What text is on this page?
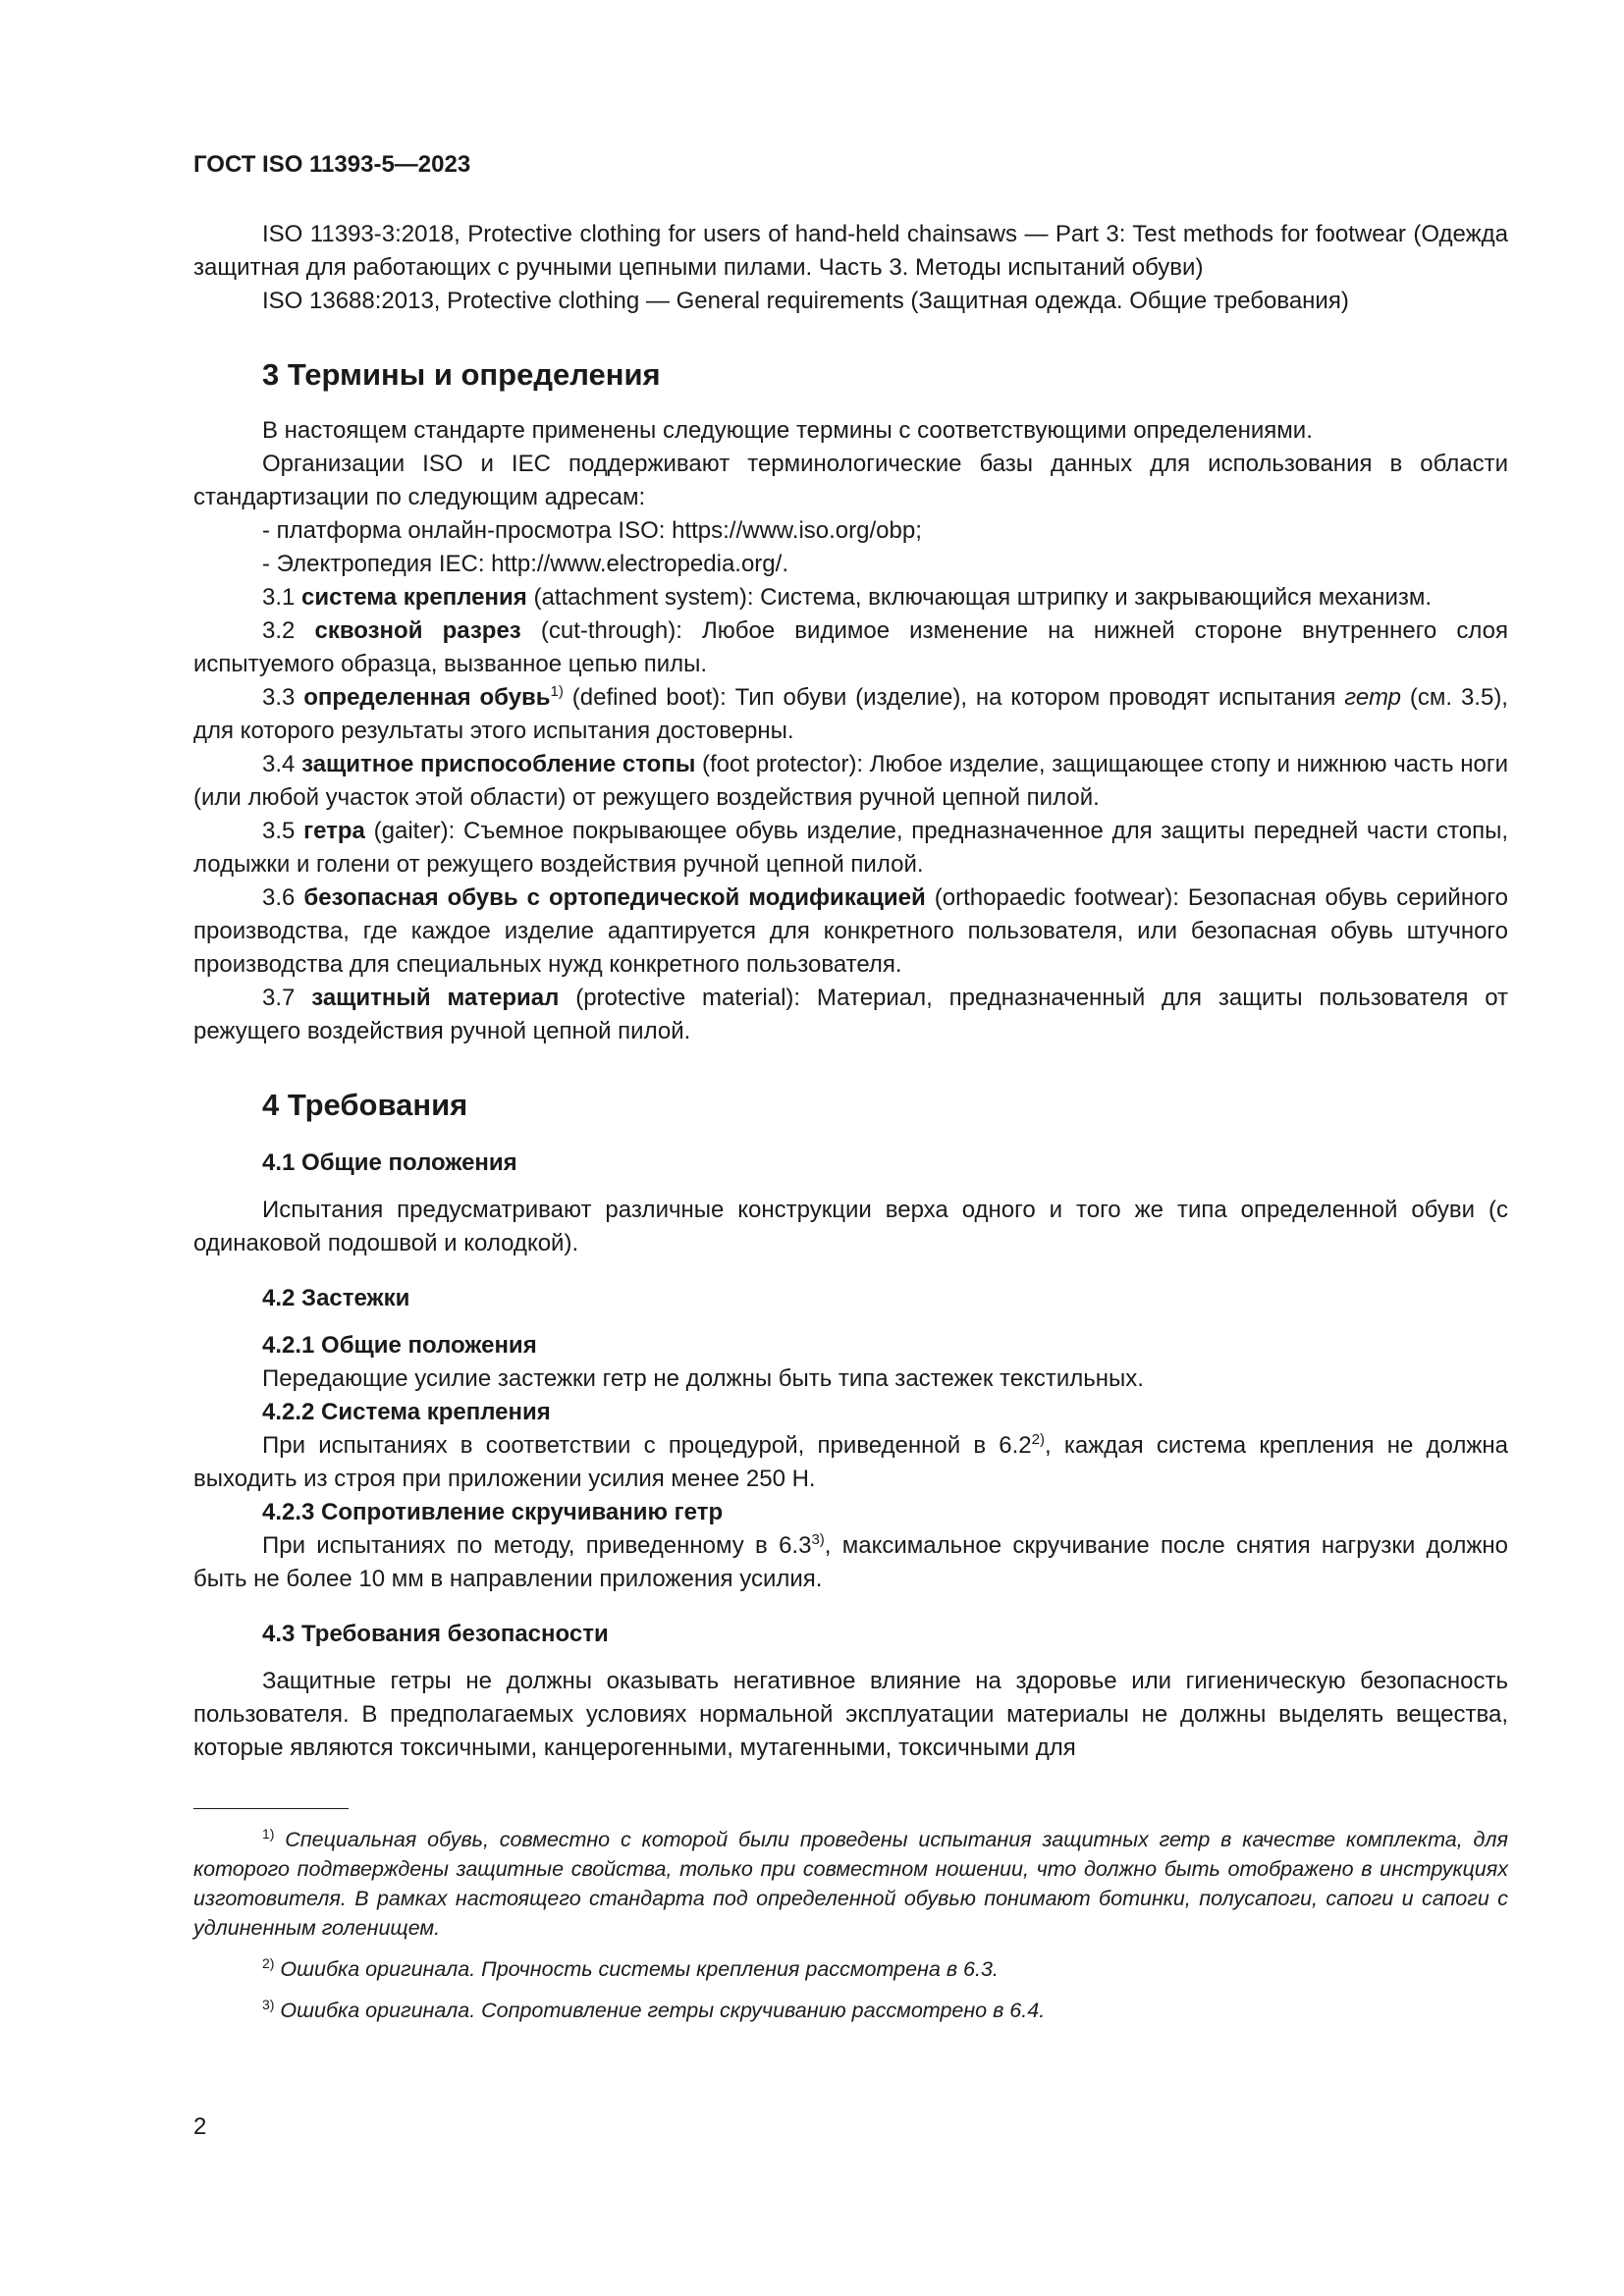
ГОСТ ISO 11393-5—2023

ISO 11393-3:2018, Protective clothing for users of hand-held chainsaws — Part 3: Test methods for footwear (Одежда защитная для работающих с ручными цепными пилами. Часть 3. Методы испытаний обуви)

ISO 13688:2013, Protective clothing — General requirements (Защитная одежда. Общие требования)

3 Термины и определения

В настоящем стандарте применены следующие термины с соответствующими определениями.

Организации ISO и IEC поддерживают терминологические базы данных для использования в области стандартизации по следующим адресам:

- платформа онлайн-просмотра ISO: https://www.iso.org/obp;
- Электропедия IEC: http://www.electropedia.org/.

3.1 система крепления (attachment system): Система, включающая штрипку и закрывающийся механизм.

3.2 сквозной разрез (cut-through): Любое видимое изменение на нижней стороне внутреннего слоя испытуемого образца, вызванное цепью пилы.

3.3 определенная обувь$^{1)}$ (defined boot): Тип обуви (изделие), на котором проводят испытания гетр (см. 3.5), для которого результаты этого испытания достоверны.

3.4 защитное приспособление стопы (foot protector): Любое изделие, защищающее стопу и нижнюю часть ноги (или любой участок этой области) от режущего воздействия ручной цепной пилой.

3.5 гетра (gaiter): Съемное покрывающее обувь изделие, предназначенное для защиты передней части стопы, лодыжки и голени от режущего воздействия ручной цепной пилой.

3.6 безопасная обувь с ортопедической модификацией (orthopaedic footwear): Безопасная обувь серийного производства, где каждое изделие адаптируется для конкретного пользователя, или безопасная обувь штучного производства для специальных нужд конкретного пользователя.

3.7 защитный материал (protective material): Материал, предназначенный для защиты пользователя от режущего воздействия ручной цепной пилой.

4 Требования
4.1 Общие положения

Испытания предусматривают различные конструкции верха одного и того же типа определенной обуви (с одинаковой подошвой и колодкой).

4.2 Застежки
4.2.1 Общие положения

Передающие усилие застежки гетр не должны быть типа застежек текстильных.

4.2.2 Система крепления

При испытаниях в соответствии с процедурой, приведенной в 6.2$^{2)}$, каждая система крепления не должна выходить из строя при приложении усилия менее 250 Н.

4.2.3 Сопротивление скручиванию гетр

При испытаниях по методу, приведенному в 6.3$^{3)}$, максимальное скручивание после снятия нагрузки должно быть не более 10 мм в направлении приложения усилия.

4.3 Требования безопасности

Защитные гетры не должны оказывать негативное влияние на здоровье или гигиеническую безопасность пользователя. В предполагаемых условиях нормальной эксплуатации материалы не должны выделять вещества, которые являются токсичными, канцерогенными, мутагенными, токсичными для

$^{1)}$ Специальная обувь, совместно с которой были проведены испытания защитных гетр в качестве комплекта, для которого подтверждены защитные свойства, только при совместном ношении, что должно быть отображено в инструкциях изготовителя. В рамках настоящего стандарта под определенной обувью понимают ботинки, полусапоги, сапоги и сапоги с удлиненным голенищем.
$^{2)}$ Ошибка оригинала. Прочность системы крепления рассмотрена в 6.3.
$^{3)}$ Ошибка оригинала. Сопротивление гетры скручиванию рассмотрено в 6.4.
2
